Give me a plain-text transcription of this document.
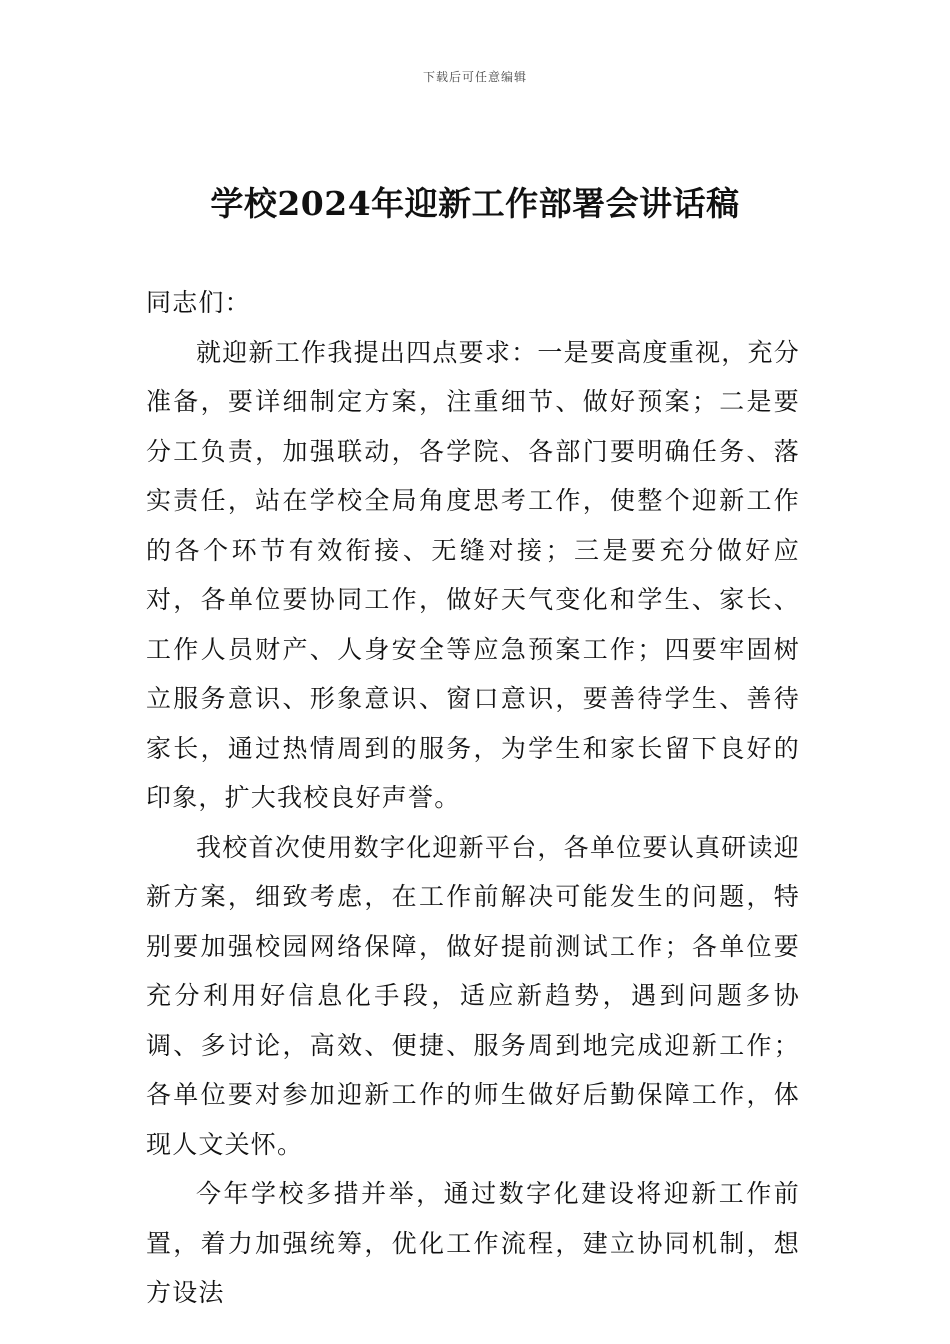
下载后可任意编辑
学校2024年迎新工作部署会讲话稿

同志们：

就迎新工作我提出四点要求：一是要高度重视，充分准备，要详细制定方案，注重细节、做好预案；二是要分工负责，加强联动，各学院、各部门要明确任务、落实责任，站在学校全局角度思考工作，使整个迎新工作的各个环节有效衔接、无缝对接；三是要充分做好应对，各单位要协同工作，做好天气变化和学生、家长、工作人员财产、人身安全等应急预案工作；四要牢固树立服务意识、形象意识、窗口意识，要善待学生、善待家长，通过热情周到的服务，为学生和家长留下良好的印象，扩大我校良好声誉。

我校首次使用数字化迎新平台，各单位要认真研读迎新方案，细致考虑，在工作前解决可能发生的问题，特别要加强校园网络保障，做好提前测试工作；各单位要充分利用好信息化手段，适应新趋势，遇到问题多协调、多讨论，高效、便捷、服务周到地完成迎新工作；各单位要对参加迎新工作的师生做好后勤保障工作，体现人文关怀。

今年学校多措并举，通过数字化建设将迎新工作前置，着力加强统筹，优化工作流程，建立协同机制，想方设法
